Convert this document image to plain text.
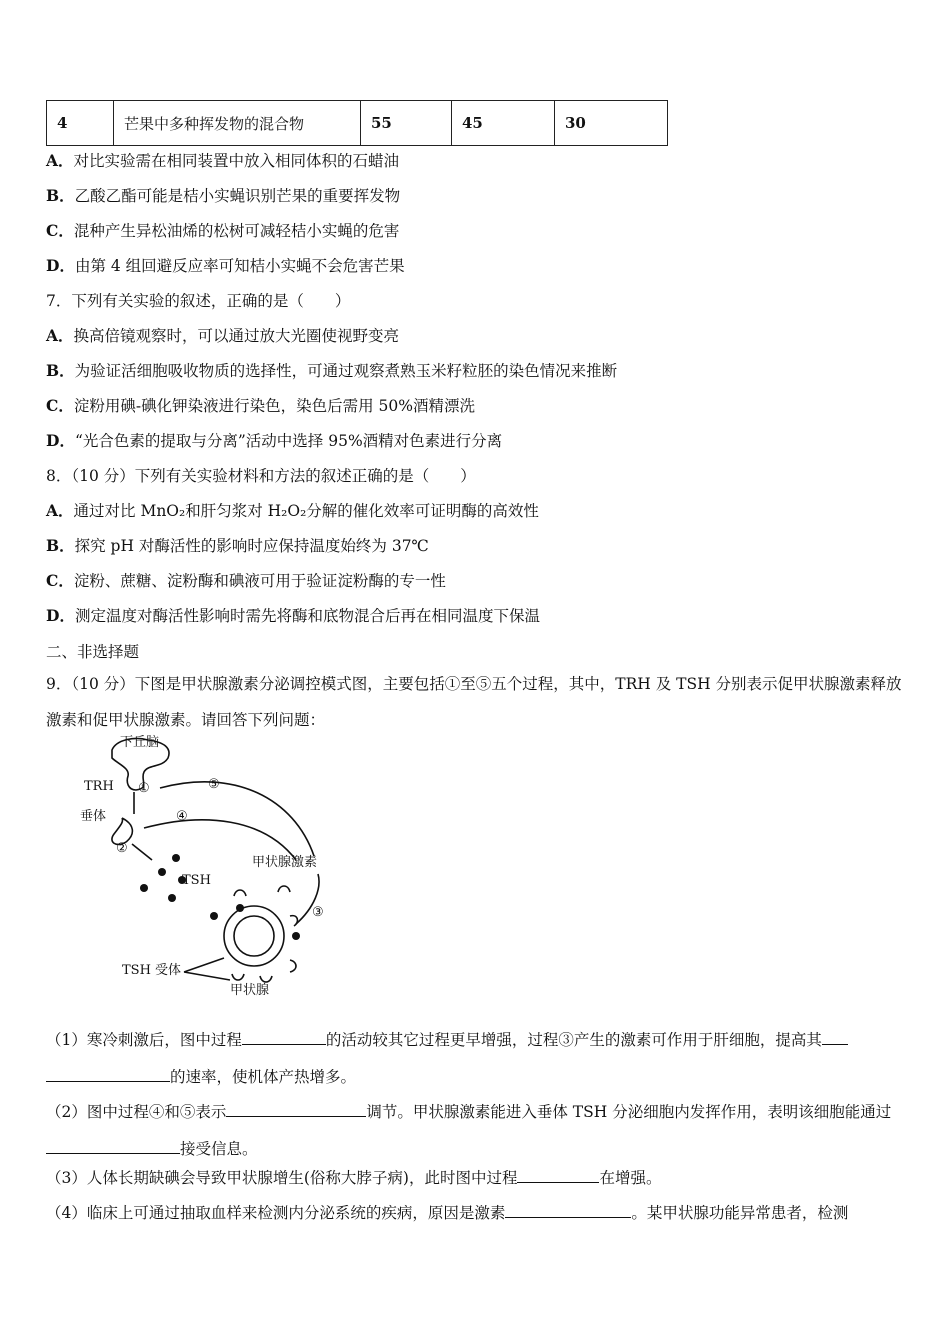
4	芒果中多种挥发物的混合物	55	45	30
A．对比实验需在相同装置中放入相同体积的石蜡油
B．乙酸乙酯可能是桔小实蝇识别芒果的重要挥发物
C．混种产生异松油烯的松树可减轻桔小实蝇的危害
D．由第 4 组回避反应率可知桔小实蝇不会危害芒果
7．下列有关实验的叙述，正确的是（　　）
A．换高倍镜观察时，可以通过放大光圈使视野变亮
B．为验证活细胞吸收物质的选择性，可通过观察煮熟玉米籽粒胚的染色情况来推断
C．淀粉用碘-碘化钾染液进行染色，染色后需用 50%酒精漂洗
D．“光合色素的提取与分离”活动中选择 95%酒精对色素进行分离
8．（10 分）下列有关实验材料和方法的叙述正确的是（　　）
A．通过对比 MnO₂和肝匀浆对 H₂O₂分解的催化效率可证明酶的高效性
B．探究 pH 对酶活性的影响时应保持温度始终为 37℃
C．淀粉、蔗糖、淀粉酶和碘液可用于验证淀粉酶的专一性
D．测定温度对酶活性影响时需先将酶和底物混合后再在相同温度下保温
二、非选择题
9．（10 分）下图是甲状腺激素分泌调控模式图，主要包括①至⑤五个过程，其中，TRH 及 TSH 分别表示促甲状腺激素释放激素和促甲状腺激素。请回答下列问题：
下丘脑
TRH ①
垂体
②
TSH
甲状腺激素
③
④
⑤
TSH 受体
甲状腺
（1）寒冷刺激后，图中过程	的活动较其它过程更早增强，过程③产生的激素可作用于肝细胞，提高其
的速率，使机体产热增多。
（2）图中过程④和⑤表示	调节。甲状腺激素能进入垂体 TSH 分泌细胞内发挥作用，表明该细胞能通过接受信息。
（3）人体长期缺碘会导致甲状腺增生(俗称大脖子病)，此时图中过程	在增强。
（4）临床上可通过抽取血样来检测内分泌系统的疾病，原因是激素	。某甲状腺功能异常患者，检测
